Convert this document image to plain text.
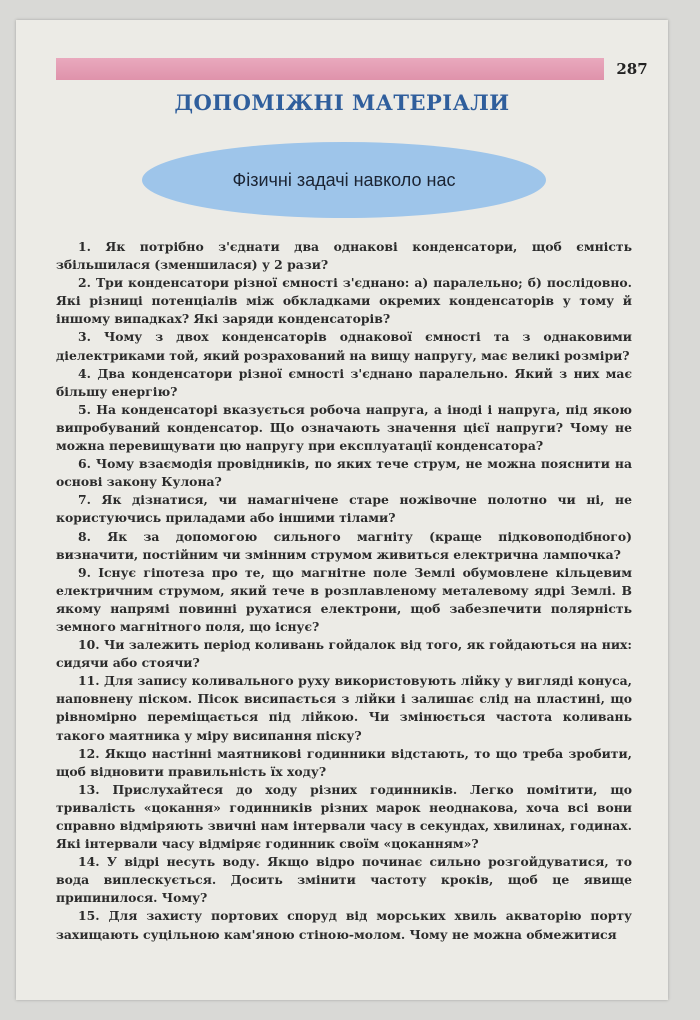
287
ДОПОМІЖНІ МАТЕРІАЛИ
Фізичні задачі навколо нас

1. Як потрібно з'єднати два однакові конденсатори, щоб ємність збільшилася (зменшилася) у 2 рази?

2. Три конденсатори різної ємності з'єднано: а) паралельно; б) послідовно. Які різниці потенціалів між обкладками окремих конденсаторів у тому й іншому випадках? Які заряди конденсаторів?

3. Чому з двох конденсаторів однакової ємності та з однаковими діелектриками той, який розрахований на вищу напругу, має великі розміри?

4. Два конденсатори різної ємності з'єднано паралельно. Який з них має більшу енергію?

5. На конденсаторі вказується робоча напруга, а іноді і напруга, під якою випробуваний конденсатор. Що означають значення цієї напруги? Чому не можна перевищувати цю напругу при експлуатації конденсатора?

6. Чому взаємодія провідників, по яких тече струм, не можна пояснити на основі закону Кулона?

7. Як дізнатися, чи намагнічене старе ножівочне полотно чи ні, не користуючись приладами або іншими тілами?

8. Як за допомогою сильного магніту (краще підковоподібного) визначити, постійним чи змінним струмом живиться електрична лампочка?

9. Існує гіпотеза про те, що магнітне поле Землі обумовлене кільцевим електричним струмом, який тече в розплавленому металевому ядрі Землі. В якому напрямі повинні рухатися електрони, щоб забезпечити полярність земного магнітного поля, що існує?

10. Чи залежить період коливань гойдалок від того, як гойдаються на них: сидячи або стоячи?

11. Для запису коливального руху використовують лійку у вигляді конуса, наповнену піском. Пісок висипається з лійки і залишає слід на пластині, що рівномірно переміщається під лійкою. Чи змінюється частота коливань такого маятника у міру висипання піску?

12. Якщо настінні маятникові годинники відстають, то що треба зробити, щоб відновити правильність їх ходу?

13. Прислухайтеся до ходу різних годинників. Легко помітити, що тривалість «цокання» годинників різних марок неоднакова, хоча всі вони справно відміряють звичні нам інтервали часу в секундах, хвилинах, годинах. Які інтервали часу відміряє годинник своїм «цоканням»?

14. У відрі несуть воду. Якщо відро починає сильно розгойдуватися, то вода виплескується. Досить змінити частоту кроків, щоб це явище припинилося. Чому?

15. Для захисту портових споруд від морських хвиль акваторію порту захищають суцільною кам'яною стіною-молом. Чому не можна обмежитися
